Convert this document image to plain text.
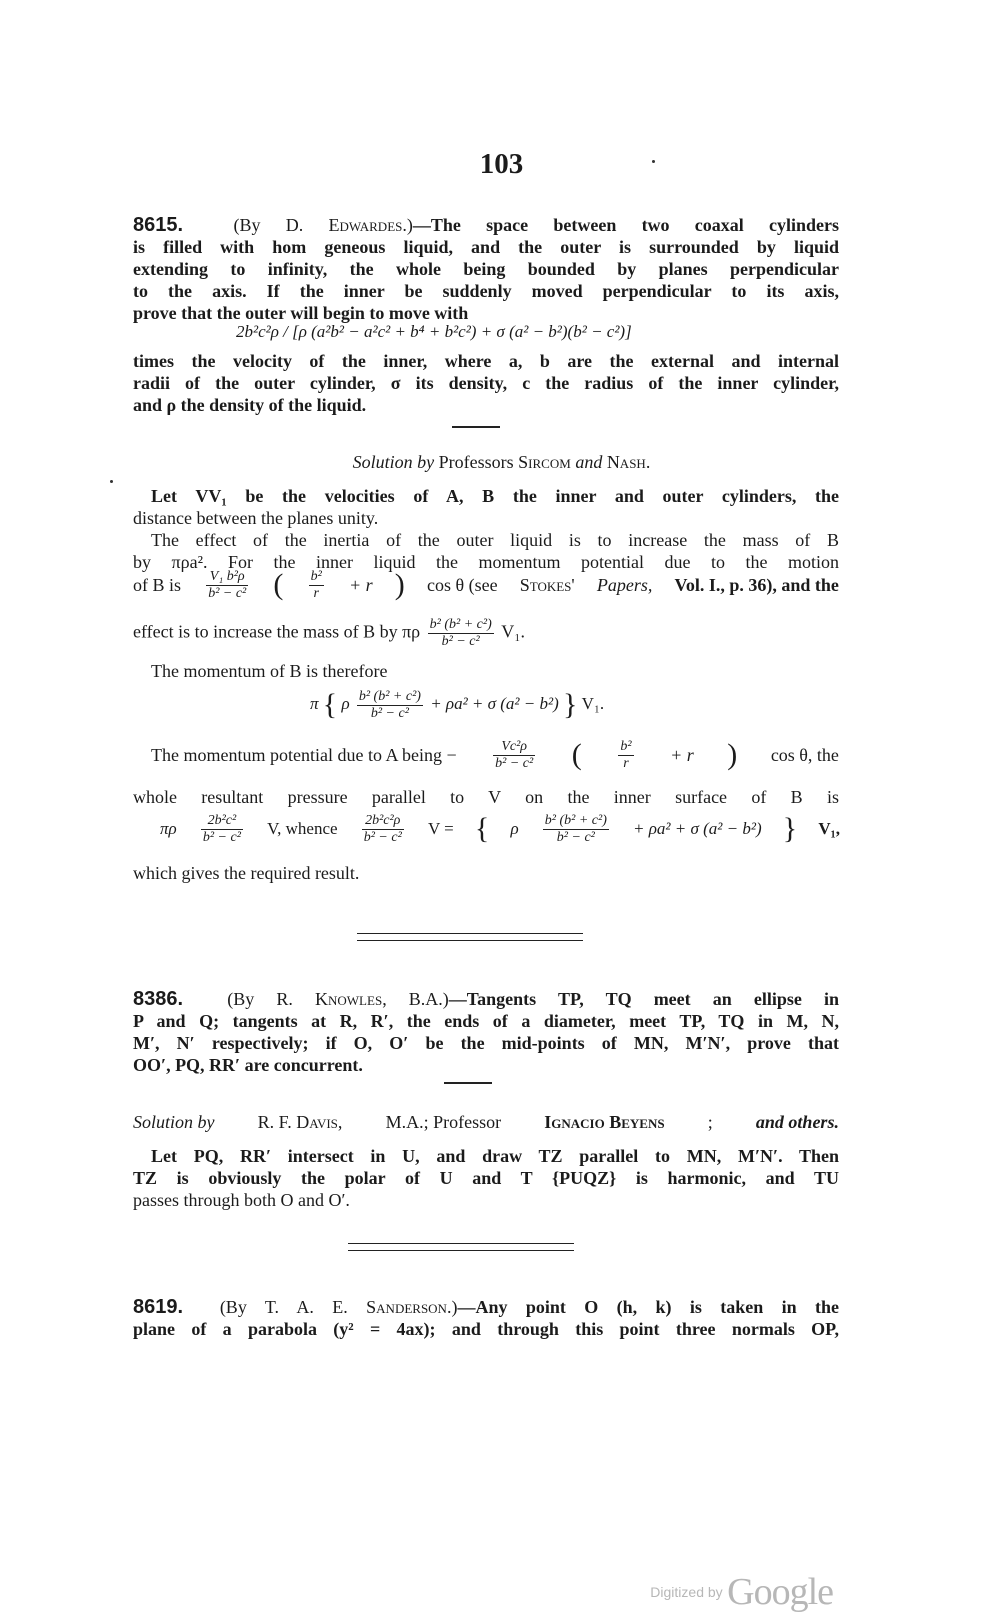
103
8615.	(By D. Edwardes.)—The space between two coaxal cylinders
is filled with hom geneous liquid, and the outer is surrounded by liquid
extending to infinity, the whole being bounded by planes perpendicular
to the axis. If the inner be suddenly moved perpendicular to its axis,
prove that the outer will begin to move with
2b²c²ρ / [ρ (a²b² − a²c² + b⁴ + b²c²) + σ (a² − b²)(b² − c²)]
times the velocity of the inner, where a, b are the external and internal
radii of the outer cylinder, σ its density, c the radius of the inner cylinder,
and ρ the density of the liquid.
Solution by Professors Sircom and Nash.
Let VV₁ be the velocities of A, B the inner and outer cylinders, the
distance between the planes unity.
The effect of the inertia of the outer liquid is to increase the mass of B
by πρa². For the inner liquid the momentum potential due to the motion
of B is $\frac{\text{V₁ b²ρ}}{\text{b² − c²}}$ ( $\frac{\text{b²}}{r} + r$ ) cos θ (see Stokes' Papers, Vol. I., p. 36), and the
effect is to increase the mass of B by πρ $\frac{\text{b² (b² + c²)}}{\text{b² − c²}} V_1$.
The momentum of B is therefore
π { ρ $\frac{\text{b² (b² + c²)}}{\text{b² − c²}} + \rho a^2 + \sigma$ (a² − b²) } V₁.
The momentum potential due to A being −	$\frac{\text{Vc²ρ}}{\text{b² − c²}}$ (	$\frac{\text{b²}}{r} + r$ ) cos θ, the
whole resultant pressure parallel to V on the inner surface of B is
πρ $\frac{\text{2b²c²}}{\text{b² − c²}} V$, whence $\frac{\text{2b²c²ρ}}{\text{b² − c²}}$ V = { ρ $\frac{\text{b² (b² + c²)}}{\text{b² − c²}} + \rho a^2 + \sigma$ (a² − b²) } V₁,
which gives the required result.
8386. (By R. Knowles, B.A.)—Tangents TP, TQ meet an ellipse in
P and Q; tangents at R, R′, the ends of a diameter, meet TP, TQ in M, N,
M′, N′ respectively; if O, O′ be the mid-points of MN, M′N′, prove that
OO′, PQ, RR′ are concurrent.
Solution by R. F. Davis, M.A.; Professor Ignacio Beyens ; and others.
Let PQ, RR′ intersect in U, and draw TZ parallel to MN, M′N′. Then
TZ is obviously the polar of U and T {PUQZ} is harmonic, and TU
passes through both O and O′.
8619. (By T. A. E. Sanderson.)—Any point O (h, k) is taken in the
plane of a parabola (y² = 4ax); and through this point three normals OP,
Digitized by Google
